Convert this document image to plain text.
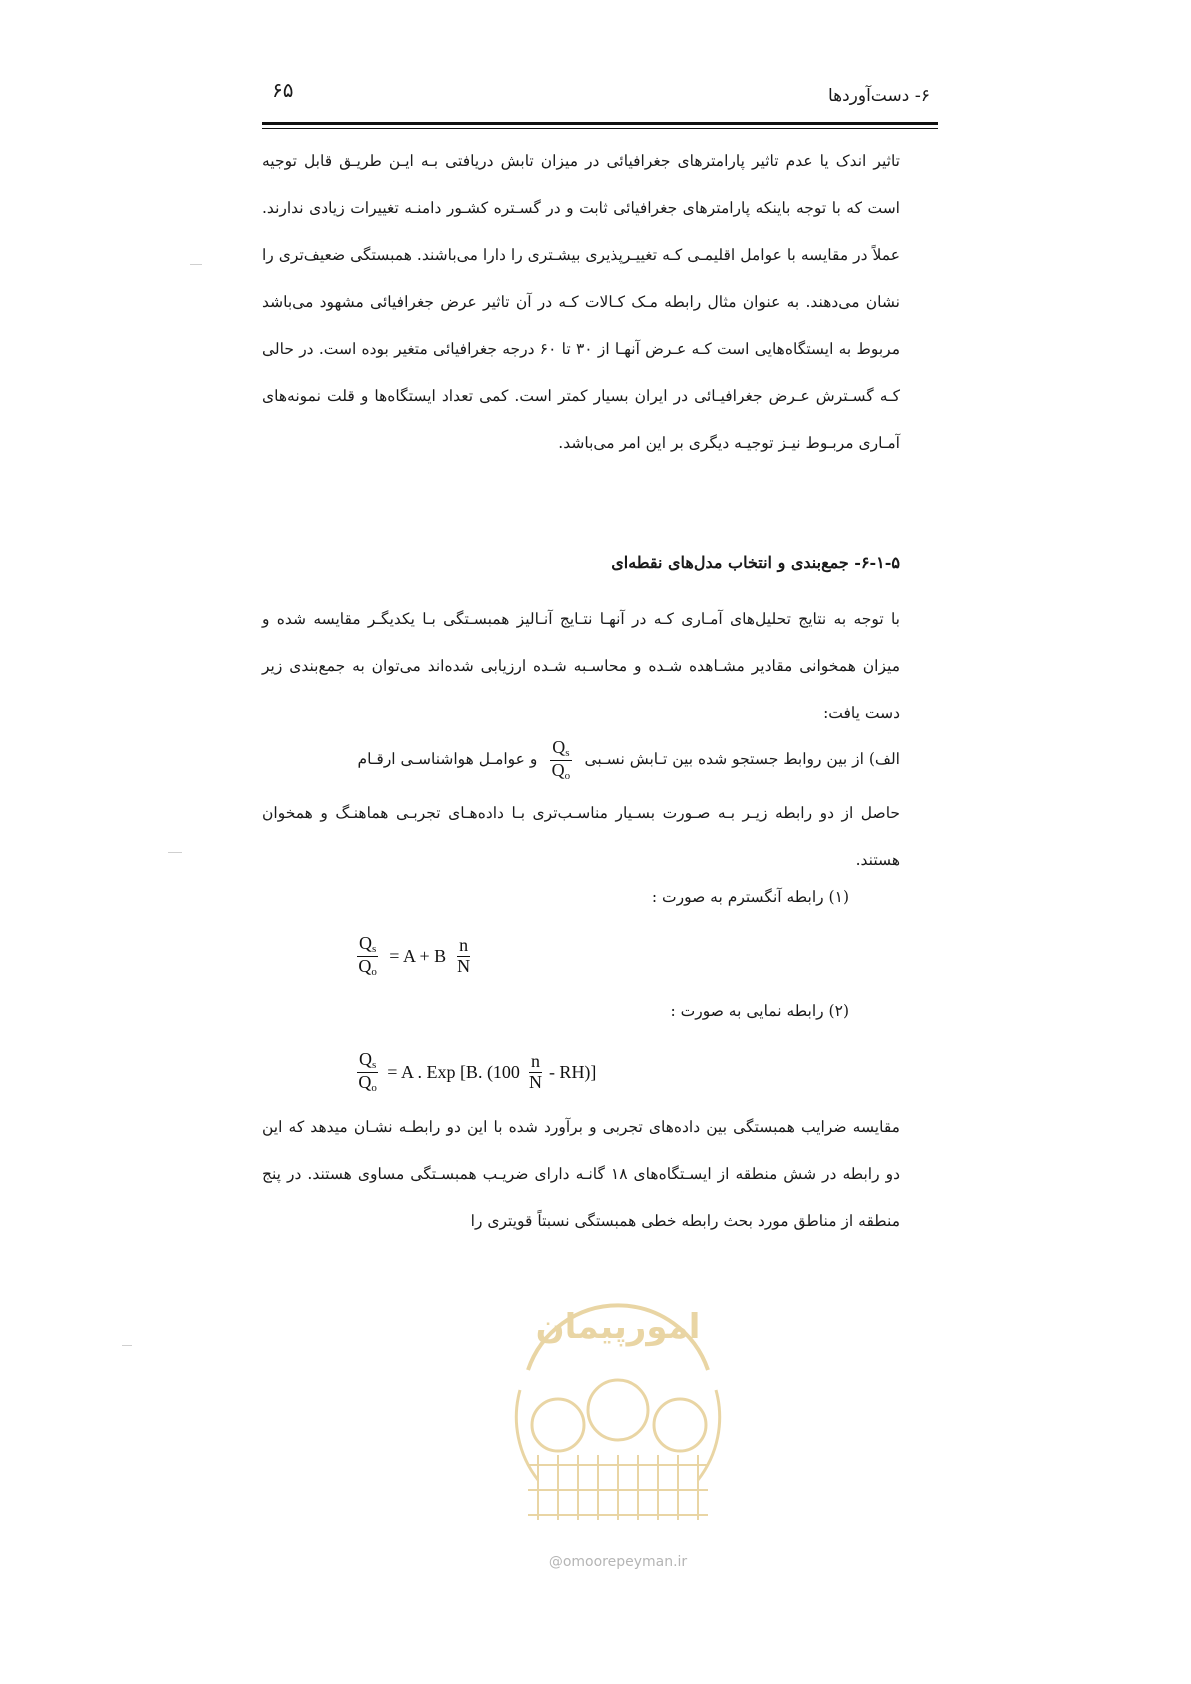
۶۵	۶- دست‌آوردها

تاثیر اندک یا عدم تاثیر پارامترهای جغرافیائی در میزان تابش دریافتی بـه ایـن طریـق قابل توجیه است که با توجه باینکه پارامترهای جغرافیائی ثابت و در گسـتره کشـور دامنـه تغییرات زیادی ندارند. عملاً در مقایسه با عوامل اقلیمـی کـه تغییـرپذیری بیشـتری را دارا می‌باشند. همبستگی ضعیف‌تری را نشان می‌دهند. به عنوان مثال رابطه مـک کـالات کـه در آن تاثیر عرض جغرافیائی مشهود می‌باشد مربوط به ایستگاه‌هایی است کـه عـرض آنهـا از ۳۰ تا ۶۰ درجه جغرافیائی متغیر بوده است. در حالی کـه گسـترش عـرض جغرافیـائی در ایران بسیار کمتر است. کمی تعداد ایستگاه‌ها و قلت نمونه‌های آمـاری مربـوط نیـز توجیـه دیگری بر این امر می‌باشد.

۶-۱-۵- جمع‌بندی و انتخاب مدل‌های نقطه‌ای

با توجه به نتایج تحلیل‌های آمـاری کـه در آنهـا نتـایج آنـالیز همبسـتگی بـا یکدیگـر مقایسه شده و میزان همخوانی مقادیر مشـاهده شـده و محاسـبه شـده ارزیابی شده‌اند می‌توان به جمع‌بندی زیر دست یافت:

الف) از بین روابط جستجو شده بین تـابش نسـبی
$\frac{Q_s}{Q_o}$
و عوامـل هواشناسـی ارقـام

حاصل از دو رابطه زیـر بـه صـورت بسـیار مناسـب‌تری بـا داده‌هـای تجربـی هماهنـگ و همخوان هستند.

(۱) رابطه آنگسترم به صورت :
$\frac{Q_s}{Q_o} = A + B \frac{n}{N}$
(۲) رابطه نمایی به صورت :
$\frac{Q_s}{Q_o} = A$ . Exp [B. $(100 \frac{n}{N} - RH)$]

مقایسه ضرایب همبستگی بین داده‌های تجربی و برآورد شده با این دو رابطـه نشـان میدهد که این دو رابطه در شش منطقه از ایسـتگاه‌های ۱۸ گانـه دارای ضریـب همبسـتگی مساوی هستند. در پنج منطقه از مناطق مورد بحث رابطه خطی همبستگی نسبتاً قویتری را

امورپیمان
@omoorepeyman.ir
